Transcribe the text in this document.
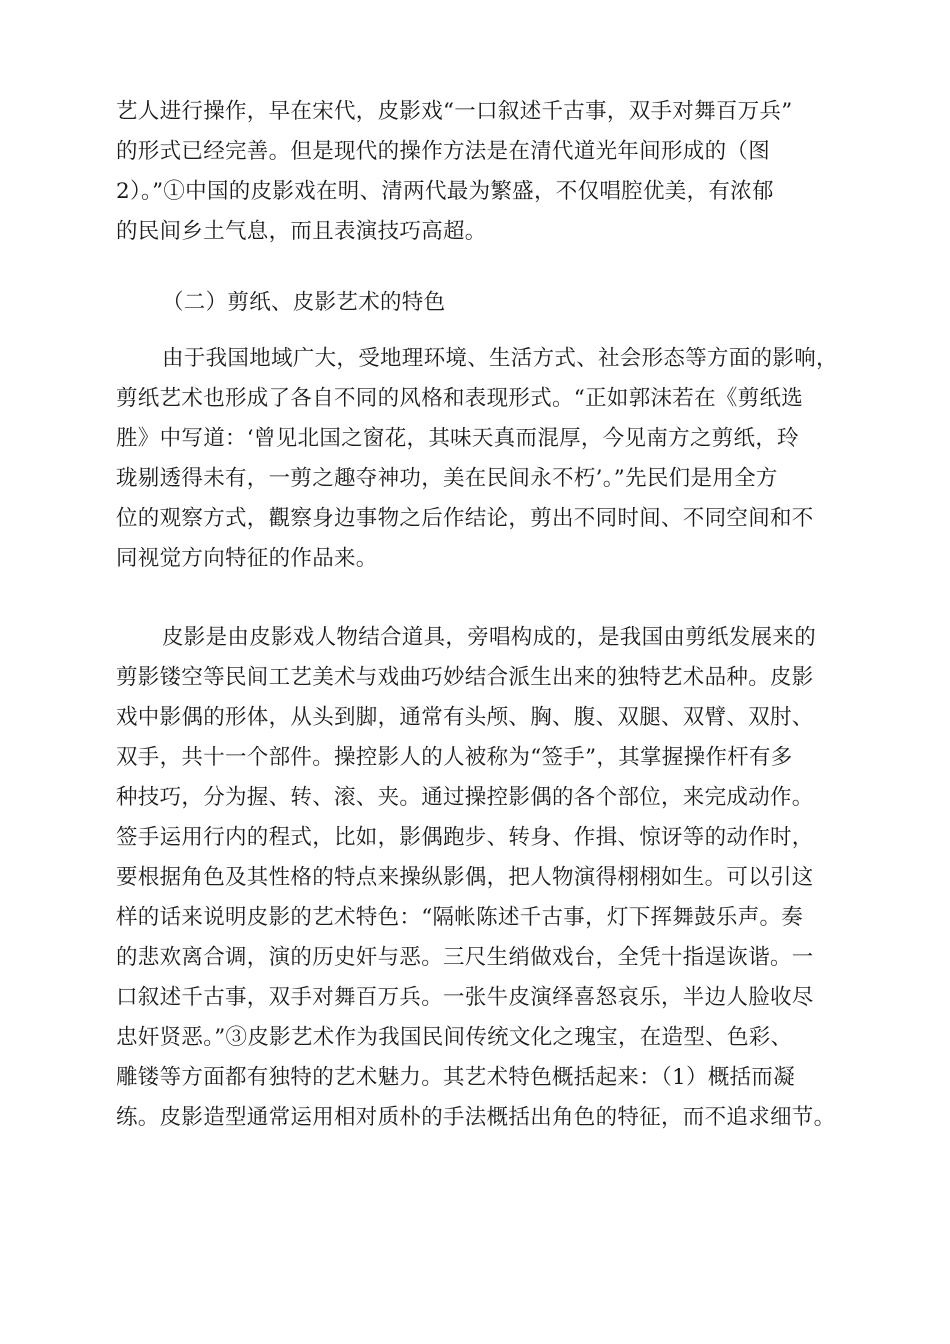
艺人进行操作，早在宋代，皮影戏“一口叙述千古事，双手对舞百万兵”
的形式已经完善。但是现代的操作方法是在清代道光年间形成的（图
2）。”①中国的皮影戏在明、清两代最为繁盛，不仅唱腔优美，有浓郁
的民间乡土气息，而且表演技巧高超。
（二）剪纸、皮影艺术的特色
由于我国地域广大，受地理环境、生活方式、社会形态等方面的影响，
剪纸艺术也形成了各自不同的风格和表现形式。“正如郭沫若在《剪纸选
胜》中写道：‘曾见北国之窗花，其味天真而混厚，今见南方之剪纸，玲
珑剔透得未有，一剪之趣夺神功，美在民间永不朽’。”先民们是用全方
位的观察方式，觀察身边事物之后作结论，剪出不同时间、不同空间和不
同视觉方向特征的作品来。
皮影是由皮影戏人物结合道具，旁唱构成的，是我国由剪纸发展来的
剪影镂空等民间工艺美术与戏曲巧妙结合派生出来的独特艺术品种。皮影
戏中影偶的形体，从头到脚，通常有头颅、胸、腹、双腿、双臂、双肘、
双手，共十一个部件。操控影人的人被称为“签手”，其掌握操作杆有多
种技巧，分为握、转、滚、夹。通过操控影偶的各个部位，来完成动作。
签手运用行内的程式，比如，影偶跑步、转身、作揖、惊讶等的动作时，
要根据角色及其性格的特点来操纵影偶，把人物演得栩栩如生。可以引这
样的话来说明皮影的艺术特色：“隔帐陈述千古事，灯下挥舞鼓乐声。奏
的悲欢离合调，演的历史奸与恶。三尺生绡做戏台，全凭十指逞诙谐。一
口叙述千古事，双手对舞百万兵。一张牛皮演绎喜怒哀乐，半边人脸收尽
忠奸贤恶。”③皮影艺术作为我国民间传统文化之瑰宝，在造型、色彩、
雕镂等方面都有独特的艺术魅力。其艺术特色概括起来：（1）概括而凝
练。皮影造型通常运用相对质朴的手法概括出角色的特征，而不追求细节。
